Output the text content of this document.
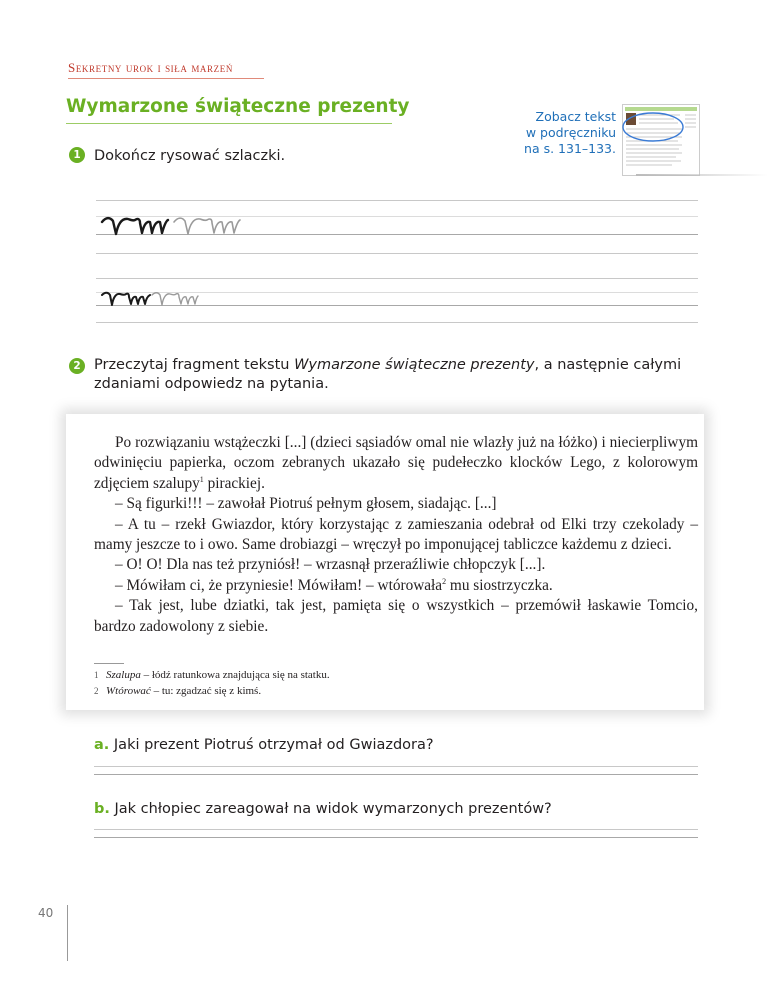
Sekretny urok i siła marzeń
Wymarzone świąteczne prezenty	Zobacz tekst
w podręczniku
na s. 131–133.
1 Dokończ rysować szlaczki.
2 Przeczytaj fragment tekstu Wymarzone świąteczne prezenty, a następnie całymi zdaniami odpowiedz na pytania.

Po rozwiązaniu wstążeczki [...] (dzieci sąsiadów omal nie wlazły już na łóżko) i niecierpliwym odwinięciu papierka, oczom zebranych ukazało się pudełeczko klocków Lego, z kolorowym zdjęciem szalupy$^1$ pirackiej.

– Są figurki!!! – zawołał Piotruś pełnym głosem, siadając. [...]

– A tu – rzekł Gwiazdor, który korzystając z zamieszania odebrał od Elki trzy czekolady – mamy jeszcze to i owo. Same drobiazgi – wręczył po imponującej tabliczce każdemu z dzieci.

– O! O! Dla nas też przyniósł! – wrzasnął przeraźliwie chłopczyk [...].

– Mówiłam ci, że przyniesie! Mówiłam! – wtórowała$^2$ mu siostrzyczka.

– Tak jest, lube dziatki, tak jest, pamięta się o wszystkich – przemówił łaskawie Tomcio, bardzo zadowolony z siebie.

1 Szalupa – łódź ratunkowa znajdująca się na statku.
2 Wtórować – tu: zgadzać się z kimś.
a. Jaki prezent Piotruś otrzymał od Gwiazdora?
b. Jak chłopiec zareagował na widok wymarzonych prezentów?
40
